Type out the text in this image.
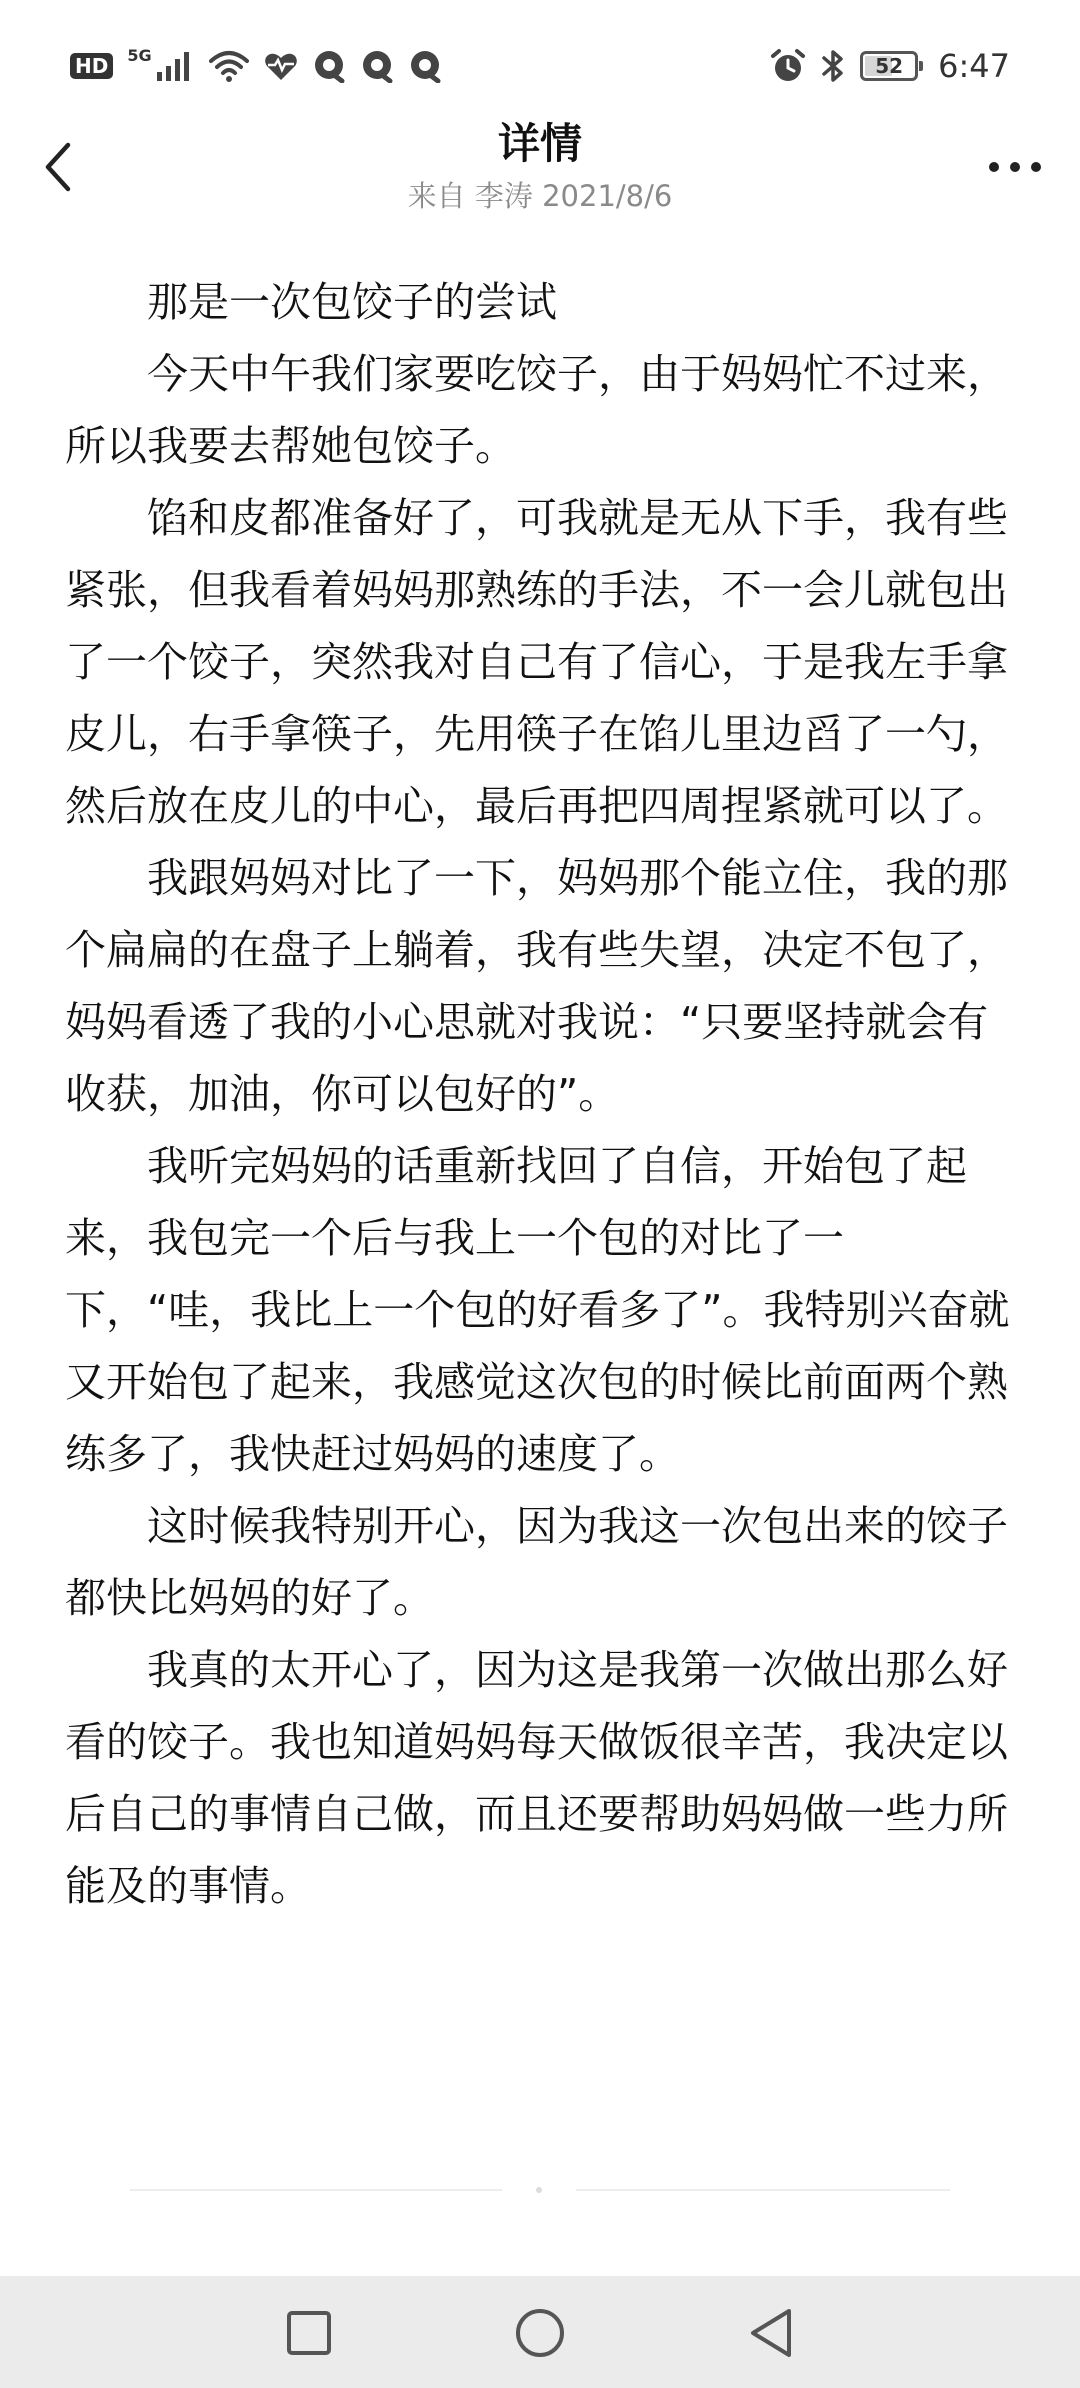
HD	5G	52 6:47
详情
来自 李涛 2021/8/6

那是一次包饺子的尝试

今天中午我们家要吃饺子，由于妈妈忙不过来，所以我要去帮她包饺子。

馅和皮都准备好了，可我就是无从下手，我有些紧张，但我看着妈妈那熟练的手法，不一会儿就包出了一个饺子，突然我对自己有了信心，于是我左手拿皮儿，右手拿筷子，先用筷子在馅儿里边舀了一勺，然后放在皮儿的中心，最后再把四周捏紧就可以了。

我跟妈妈对比了一下，妈妈那个能立住，我的那个扁扁的在盘子上躺着，我有些失望，决定不包了，妈妈看透了我的小心思就对我说：“只要坚持就会有收获，加油，你可以包好的”。

我听完妈妈的话重新找回了自信，开始包了起来，我包完一个后与我上一个包的对比了一下，“哇，我比上一个包的好看多了”。我特别兴奋就又开始包了起来，我感觉这次包的时候比前面两个熟练多了，我快赶过妈妈的速度了。

这时候我特别开心，因为我这一次包出来的饺子都快比妈妈的好了。

我真的太开心了，因为这是我第一次做出那么好看的饺子。我也知道妈妈每天做饭很辛苦，我决定以后自己的事情自己做，而且还要帮助妈妈做一些力所能及的事情。
